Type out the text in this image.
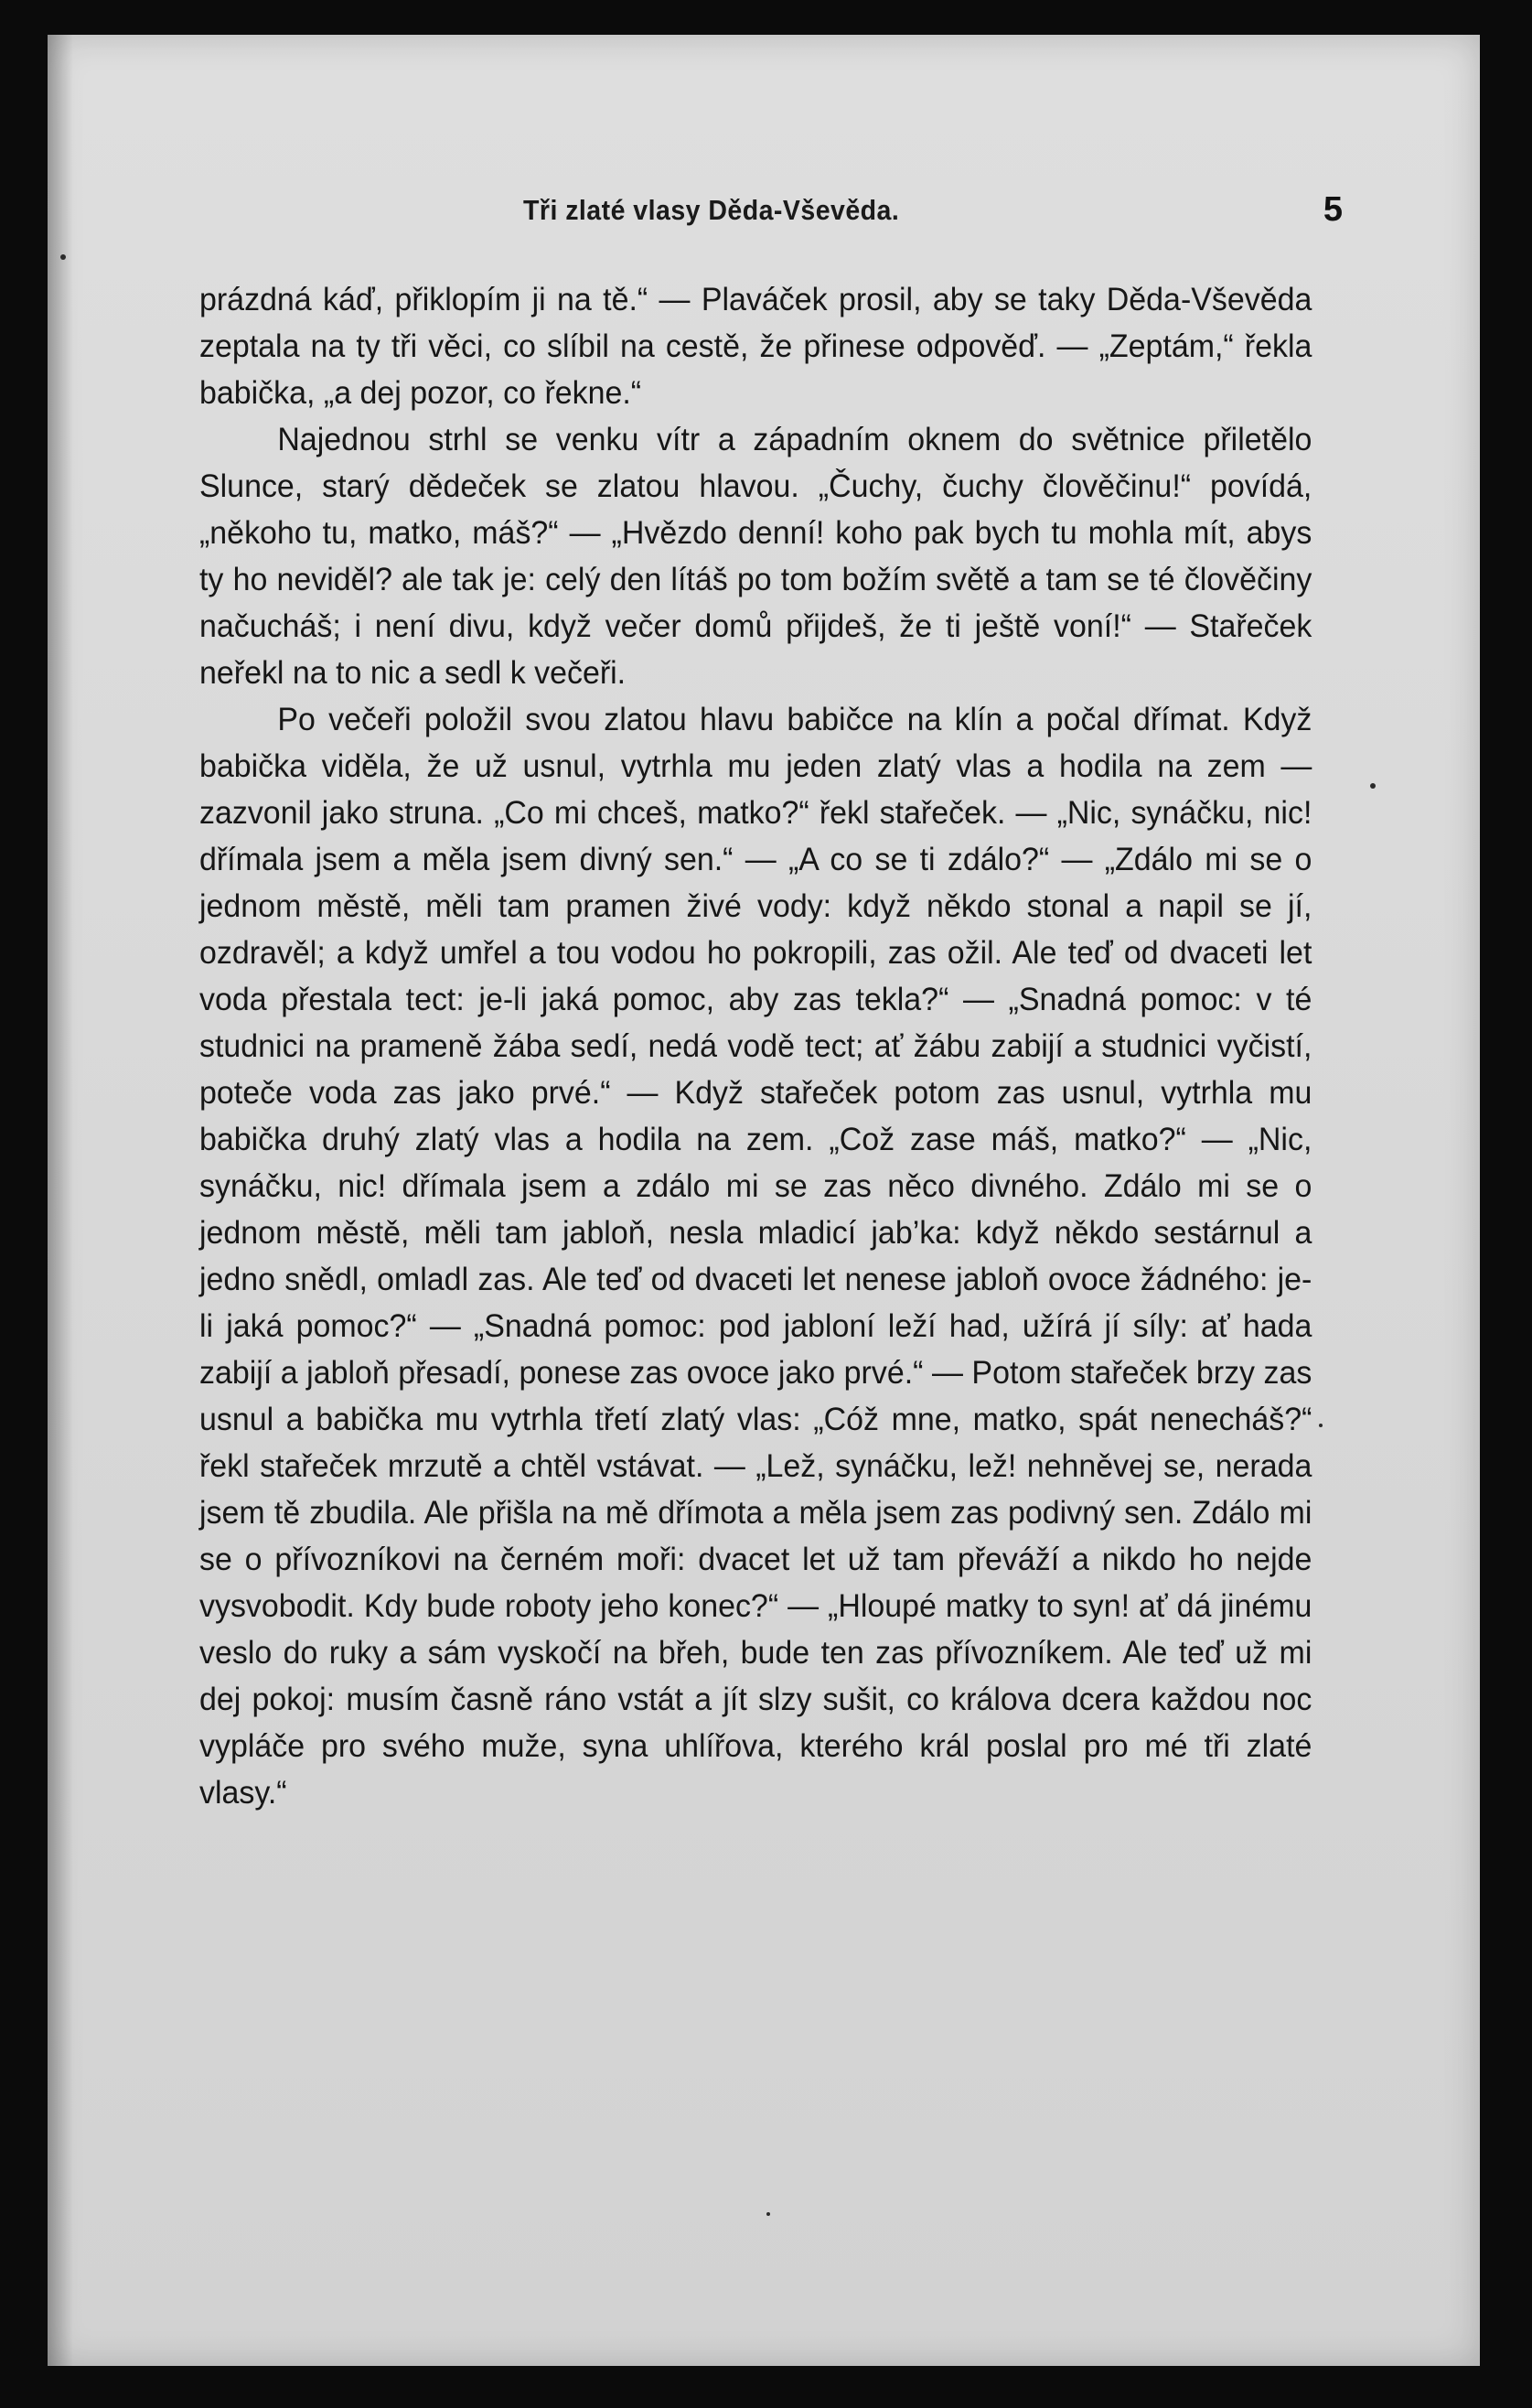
Tři zlaté vlasy Děda-Vševěda.	5

prázdná káď, přiklopím ji na tě.“ — Plaváček prosil, aby se taky Děda-Vševěda zeptala na ty tři věci, co slíbil na cestě, že přinese odpověď. — „Zeptám,“ řekla babička, „a dej pozor, co řekne.“

Najednou strhl se venku vítr a západním oknem do světnice přiletělo Slunce, starý dědeček se zlatou hlavou. „Čuchy, čuchy člověčinu!“ povídá, „někoho tu, matko, máš?“ — „Hvězdo denní! koho pak bych tu mohla mít, abys ty ho neviděl? ale tak je: celý den lítáš po tom božím světě a tam se té člověčiny načucháš; i není divu, když večer domů přijdeš, že ti ještě voní!“ — Stařeček neřekl na to nic a sedl k večeři.

Po večeři položil svou zlatou hlavu babičce na klín a počal dřímat. Když babička viděla, že už usnul, vytrhla mu jeden zlatý vlas a hodila na zem — zazvonil jako struna. „Co mi chceš, matko?“ řekl stařeček. — „Nic, synáčku, nic! dřímala jsem a měla jsem divný sen.“ — „A co se ti zdálo?“ — „Zdálo mi se o jednom městě, měli tam pramen živé vody: když někdo stonal a napil se jí, ozdravěl; a když umřel a tou vodou ho pokropili, zas ožil. Ale teď od dvaceti let voda přestala tect: je-li jaká pomoc, aby zas tekla?“ — „Snadná pomoc: v té studnici na prameně žába sedí, nedá vodě tect; ať žábu zabijí a studnici vyčistí, poteče voda zas jako prvé.“ — Když stařeček potom zas usnul, vytrhla mu babička druhý zlatý vlas a hodila na zem. „Což zase máš, matko?“ — „Nic, synáčku, nic! dřímala jsem a zdálo mi se zas něco divného. Zdálo mi se o jednom městě, měli tam jabloň, nesla mladicí jab’ka: když někdo sestárnul a jedno snědl, omladl zas. Ale teď od dvaceti let nenese jabloň ovoce žádného: je-li jaká pomoc?“ — „Snadná pomoc: pod jabloní leží had, užírá jí síly: ať hada zabijí a jabloň přesadí, ponese zas ovoce jako prvé.“ — Potom stařeček brzy zas usnul a babička mu vytrhla třetí zlatý vlas: „Cóž mne, matko, spát nenecháš?“ řekl stařeček mrzutě a chtěl vstávat. — „Lež, synáčku, lež! nehněvej se, nerada jsem tě zbudila. Ale přišla na mě dřímota a měla jsem zas podivný sen. Zdálo mi se o přívozníkovi na černém moři: dvacet let už tam převáží a nikdo ho nejde vysvobodit. Kdy bude roboty jeho konec?“ — „Hloupé matky to syn! ať dá jinému veslo do ruky a sám vyskočí na břeh, bude ten zas přívozníkem. Ale teď už mi dej pokoj: musím časně ráno vstát a jít slzy sušit, co králova dcera každou noc vypláče pro svého muže, syna uhlířova, kterého král poslal pro mé tři zlaté vlasy.“
